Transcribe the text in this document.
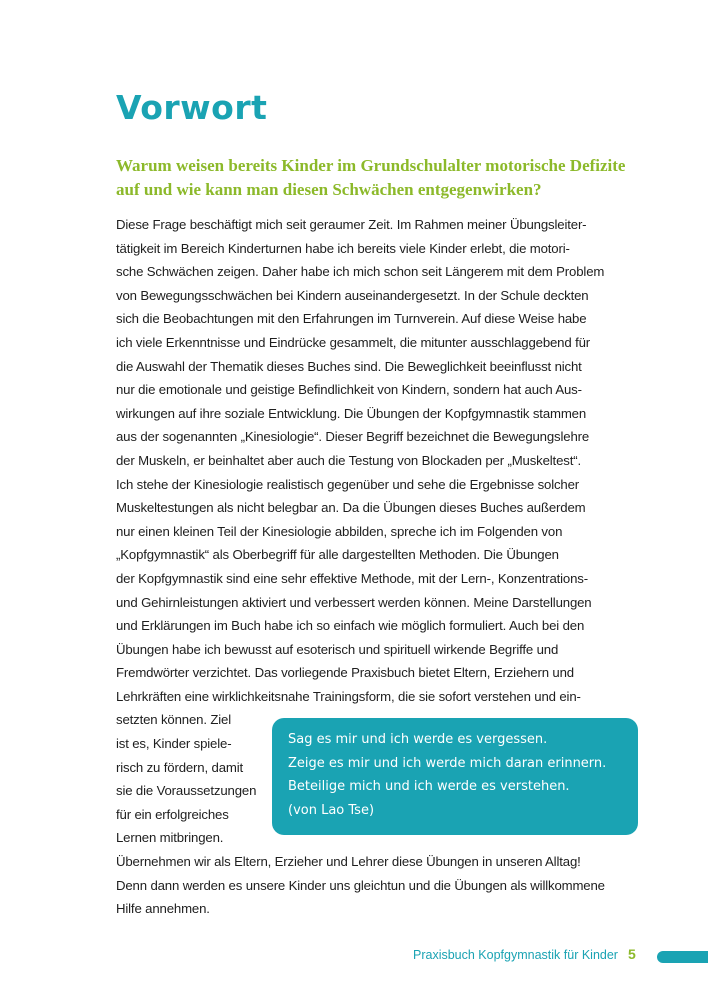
Vorwort

Warum weisen bereits Kinder im Grundschulalter motorische Defizite
auf und wie kann man diesen Schwächen entgegenwirken?

Diese Frage beschäftigt mich seit geraumer Zeit. Im Rahmen meiner Übungsleiter-
tätigkeit im Bereich Kinderturnen habe ich bereits viele Kinder erlebt, die motori-
sche Schwächen zeigen. Daher habe ich mich schon seit Längerem mit dem Problem
von Bewegungsschwächen bei Kindern auseinandergesetzt. In der Schule deckten
sich die Beobachtungen mit den Erfahrungen im Turnverein. Auf diese Weise habe
ich viele Erkenntnisse und Eindrücke gesammelt, die mitunter ausschlaggebend für
die Auswahl der Thematik dieses Buches sind. Die Beweglichkeit beeinflusst nicht
nur die emotionale und geistige Befindlichkeit von Kindern, sondern hat auch Aus-
wirkungen auf ihre soziale Entwicklung. Die Übungen der Kopfgymnastik stammen
aus der sogenannten „Kinesiologie“. Dieser Begriff bezeichnet die Bewegungslehre
der Muskeln, er beinhaltet aber auch die Testung von Blockaden per „Muskeltest“.
Ich stehe der Kinesiologie realistisch gegenüber und sehe die Ergebnisse solcher
Muskeltestungen als nicht belegbar an. Da die Übungen dieses Buches außerdem
nur einen kleinen Teil der Kinesiologie abbilden, spreche ich im Folgenden von
„Kopfgymnastik“ als Oberbegriff für alle dargestellten Methoden. Die Übungen
der Kopfgymnastik sind eine sehr effektive Methode, mit der Lern-, Konzentrations-
und Gehirnleistungen aktiviert und verbessert werden können. Meine Darstellungen
und Erklärungen im Buch habe ich so einfach wie möglich formuliert. Auch bei den
Übungen habe ich bewusst auf esoterisch und spirituell wirkende Begriffe und
Fremdwörter verzichtet. Das vorliegende Praxisbuch bietet Eltern, Erziehern und
Lehrkräften eine wirklichkeitsnahe Trainingsform, die sie sofort verstehen und ein-
setzten können. Ziel
ist es, Kinder spiele-
risch zu fördern, damit
sie die Voraussetzungen
für ein erfolgreiches
Lernen mitbringen.
Übernehmen wir als Eltern, Erzieher und Lehrer diese Übungen in unseren Alltag!
Denn dann werden es unsere Kinder uns gleichtun und die Übungen als willkommene
Hilfe annehmen.
Sag es mir und ich werde es vergessen.
Zeige es mir und ich werde mich daran erinnern.
Beteilige mich und ich werde es verstehen.
(von Lao Tse)
Praxisbuch Kopfgymnastik für Kinder 5
